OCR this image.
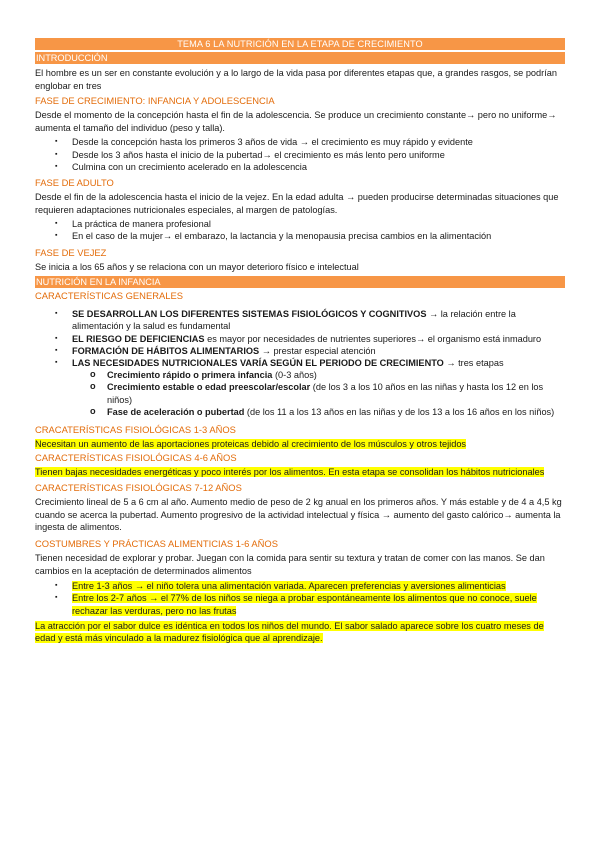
TEMA 6 LA NUTRICIÓN EN LA ETAPA DE CRECIMIENTO
INTRODUCCIÓN

El hombre es un ser en constante evolución y a lo largo de la vida pasa por diferentes etapas que, a grandes rasgos, se podrían englobar en tres

FASE DE CRECIMIENTO: INFANCIA Y ADOLESCENCIA

Desde el momento de la concepción hasta el fin de la adolescencia. Se produce un crecimiento constante→ pero no uniforme→ aumenta el tamaño del individuo (peso y talla).

▪ Desde la concepción hasta los primeros 3 años de vida → el crecimiento es muy rápido y evidente
▪ Desde los 3 años hasta el inicio de la pubertad→ el crecimiento es más lento pero uniforme
▪ Culmina con un crecimiento acelerado en la adolescencia
FASE DE ADULTO

Desde el fin de la adolescencia hasta el inicio de la vejez. En la edad adulta → pueden producirse determinadas situaciones que requieren adaptaciones nutricionales especiales, al margen de patologías.

▪ La práctica de manera profesional
▪ En el caso de la mujer→ el embarazo, la lactancia y la menopausia precisa cambios en la alimentación
FASE DE VEJEZ

Se inicia a los 65 años y se relaciona con un mayor deterioro físico e intelectual

NUTRICIÓN EN LA INFANCIA
CARACTERÍSTICAS GENERALES
▪ SE DESARROLLAN LOS DIFERENTES SISTEMAS FISIOLÓGICOS Y COGNITIVOS → la relación entre la alimentación y la salud es fundamental
▪ EL RIESGO DE DEFICIENCIAS es mayor por necesidades de nutrientes superiores→ el organismo está inmaduro
▪ FORMACIÓN DE HÁBITOS ALIMENTARIOS → prestar especial atención
▪ LAS NECESIDADES NUTRICIONALES VARÍA SEGÚN EL PERIODO DE CRECIMIENTO → tres etapas
o Crecimiento rápido o primera infancia (0-3 años)
o Crecimiento estable o edad preescolar/escolar (de los 3 a los 10 años en las niñas y hasta los 12 en los niños)
o Fase de aceleración o pubertad (de los 11 a los 13 años en las niñas y de los 13 a los 16 años en los niños)
CRACATERÍSTICAS FISIOLÓGICAS 1-3 AÑOS

Necesitan un aumento de las aportaciones proteicas debido al crecimiento de los músculos y otros tejidos

CARACTERÍSTICAS FISIOLÓGICAS 4-6 AÑOS

Tienen bajas necesidades energéticas y poco interés por los alimentos. En esta etapa se consolidan los hábitos nutricionales

CARACTERÍSTICAS FISIOLÓGICAS 7-12 AÑOS

Crecimiento lineal de 5 a 6 cm al año. Aumento medio de peso de 2 kg anual en los primeros años. Y más estable y de 4 a 4,5 kg cuando se acerca la pubertad. Aumento progresivo de la actividad intelectual y física → aumento del gasto calórico→ aumenta la ingesta de alimentos.

COSTUMBRES Y PRÁCTICAS ALIMENTICIAS 1-6 AÑOS

Tienen necesidad de explorar y probar. Juegan con la comida para sentir su textura y tratan de comer con las manos. Se dan cambios en la aceptación de determinados alimentos

▪ Entre 1-3 años → el niño tolera una alimentación variada. Aparecen preferencias y aversiones alimenticias
▪ Entre los 2-7 años → el 77% de los niños se niega a probar espontáneamente los alimentos que no conoce, suele rechazar las verduras, pero no las frutas

La atracción por el sabor dulce es idéntica en todos los niños del mundo. El sabor salado aparece sobre los cuatro meses de edad y está más vinculado a la madurez fisiológica que al aprendizaje.
